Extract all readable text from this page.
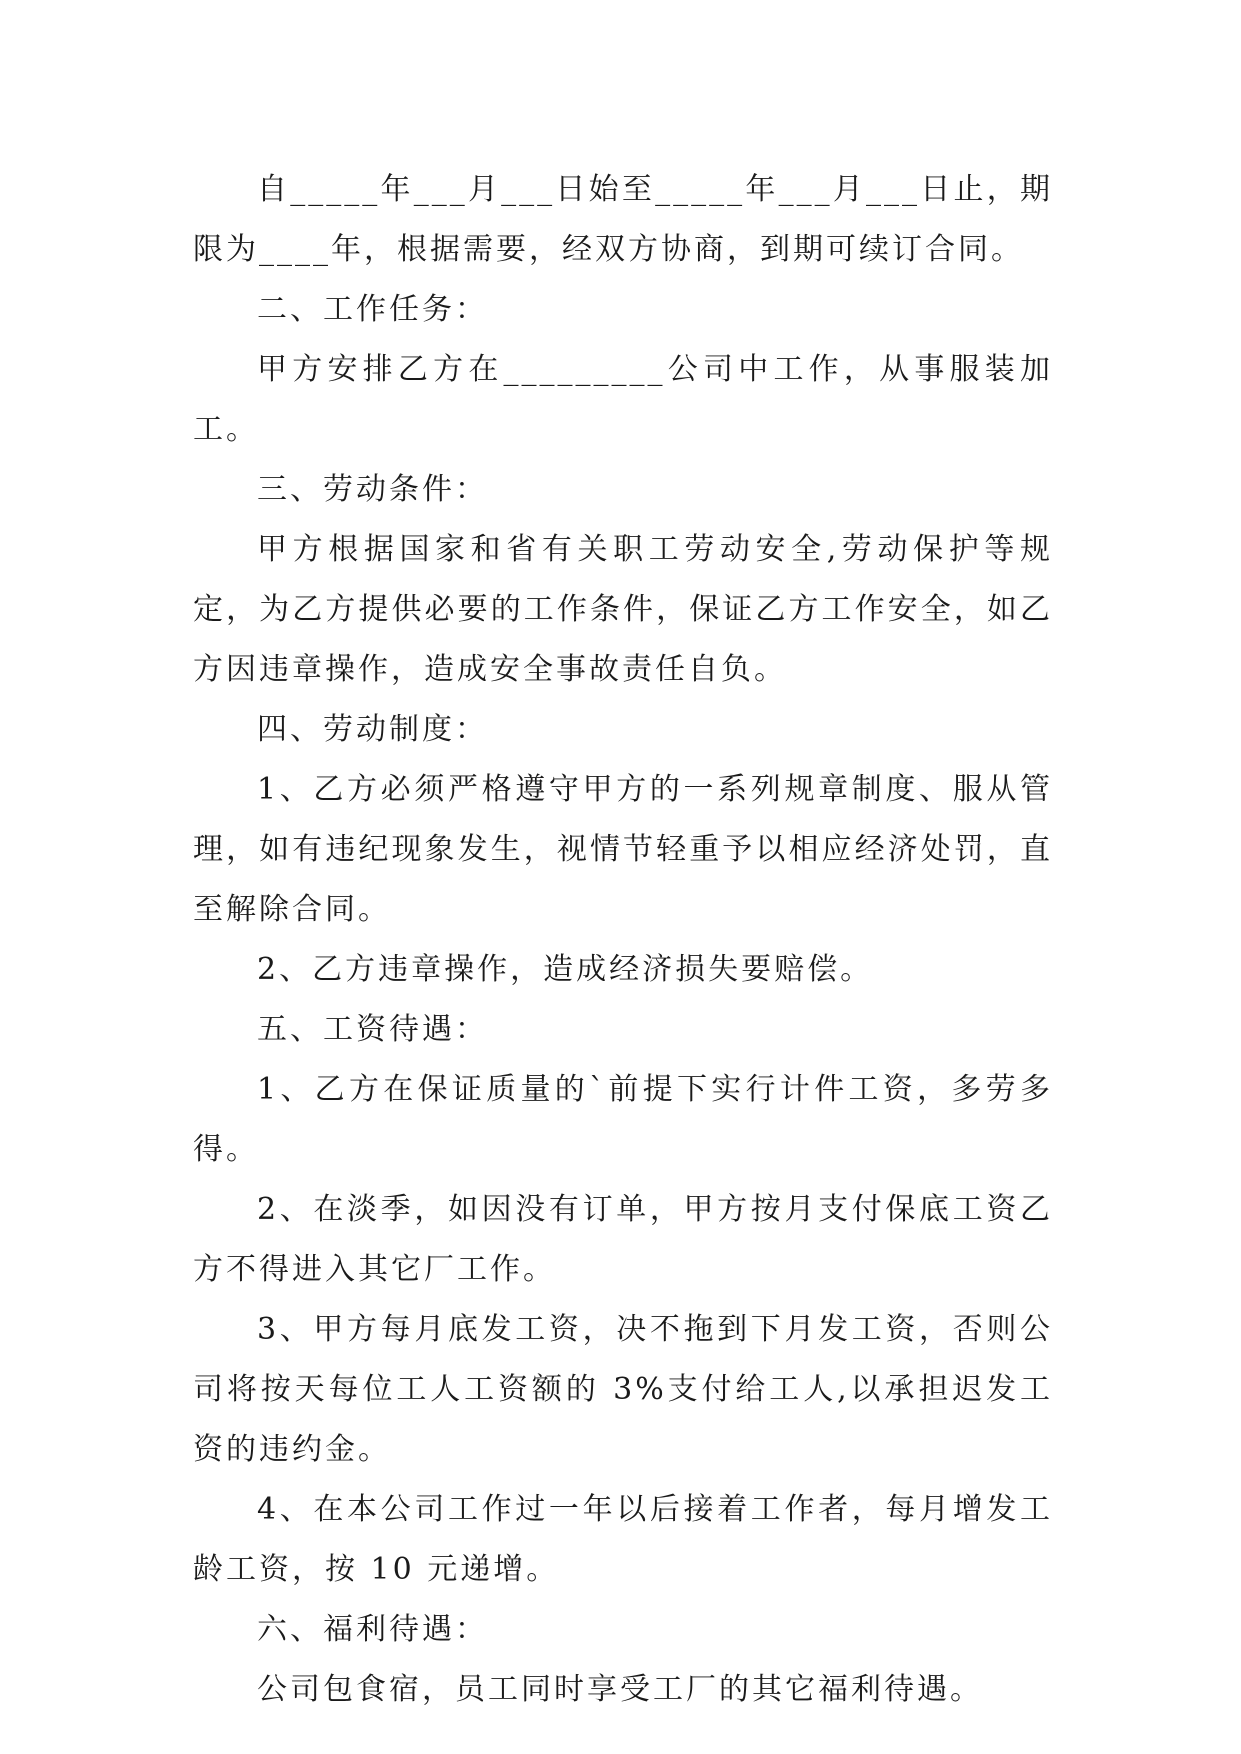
自_____年___月___日始至_____年___月___日止，期限为____年，根据需要，经双方协商，到期可续订合同。

二、工作任务：

甲方安排乙方在_________公司中工作，从事服装加工。

三、劳动条件：

甲方根据国家和省有关职工劳动安全,劳动保护等规定，为乙方提供必要的工作条件，保证乙方工作安全，如乙方因违章操作，造成安全事故责任自负。

四、劳动制度：

1、乙方必须严格遵守甲方的一系列规章制度、服从管理，如有违纪现象发生，视情节轻重予以相应经济处罚，直至解除合同。

2、乙方违章操作，造成经济损失要赔偿。

五、工资待遇：

1、乙方在保证质量的`前提下实行计件工资，多劳多得。

2、在淡季，如因没有订单，甲方按月支付保底工资乙方不得进入其它厂工作。

3、甲方每月底发工资，决不拖到下月发工资，否则公司将按天每位工人工资额的 3%支付给工人,以承担迟发工资的违约金。

4、在本公司工作过一年以后接着工作者，每月增发工龄工资，按 10 元递增。

六、福利待遇：

公司包食宿，员工同时享受工厂的其它福利待遇。
